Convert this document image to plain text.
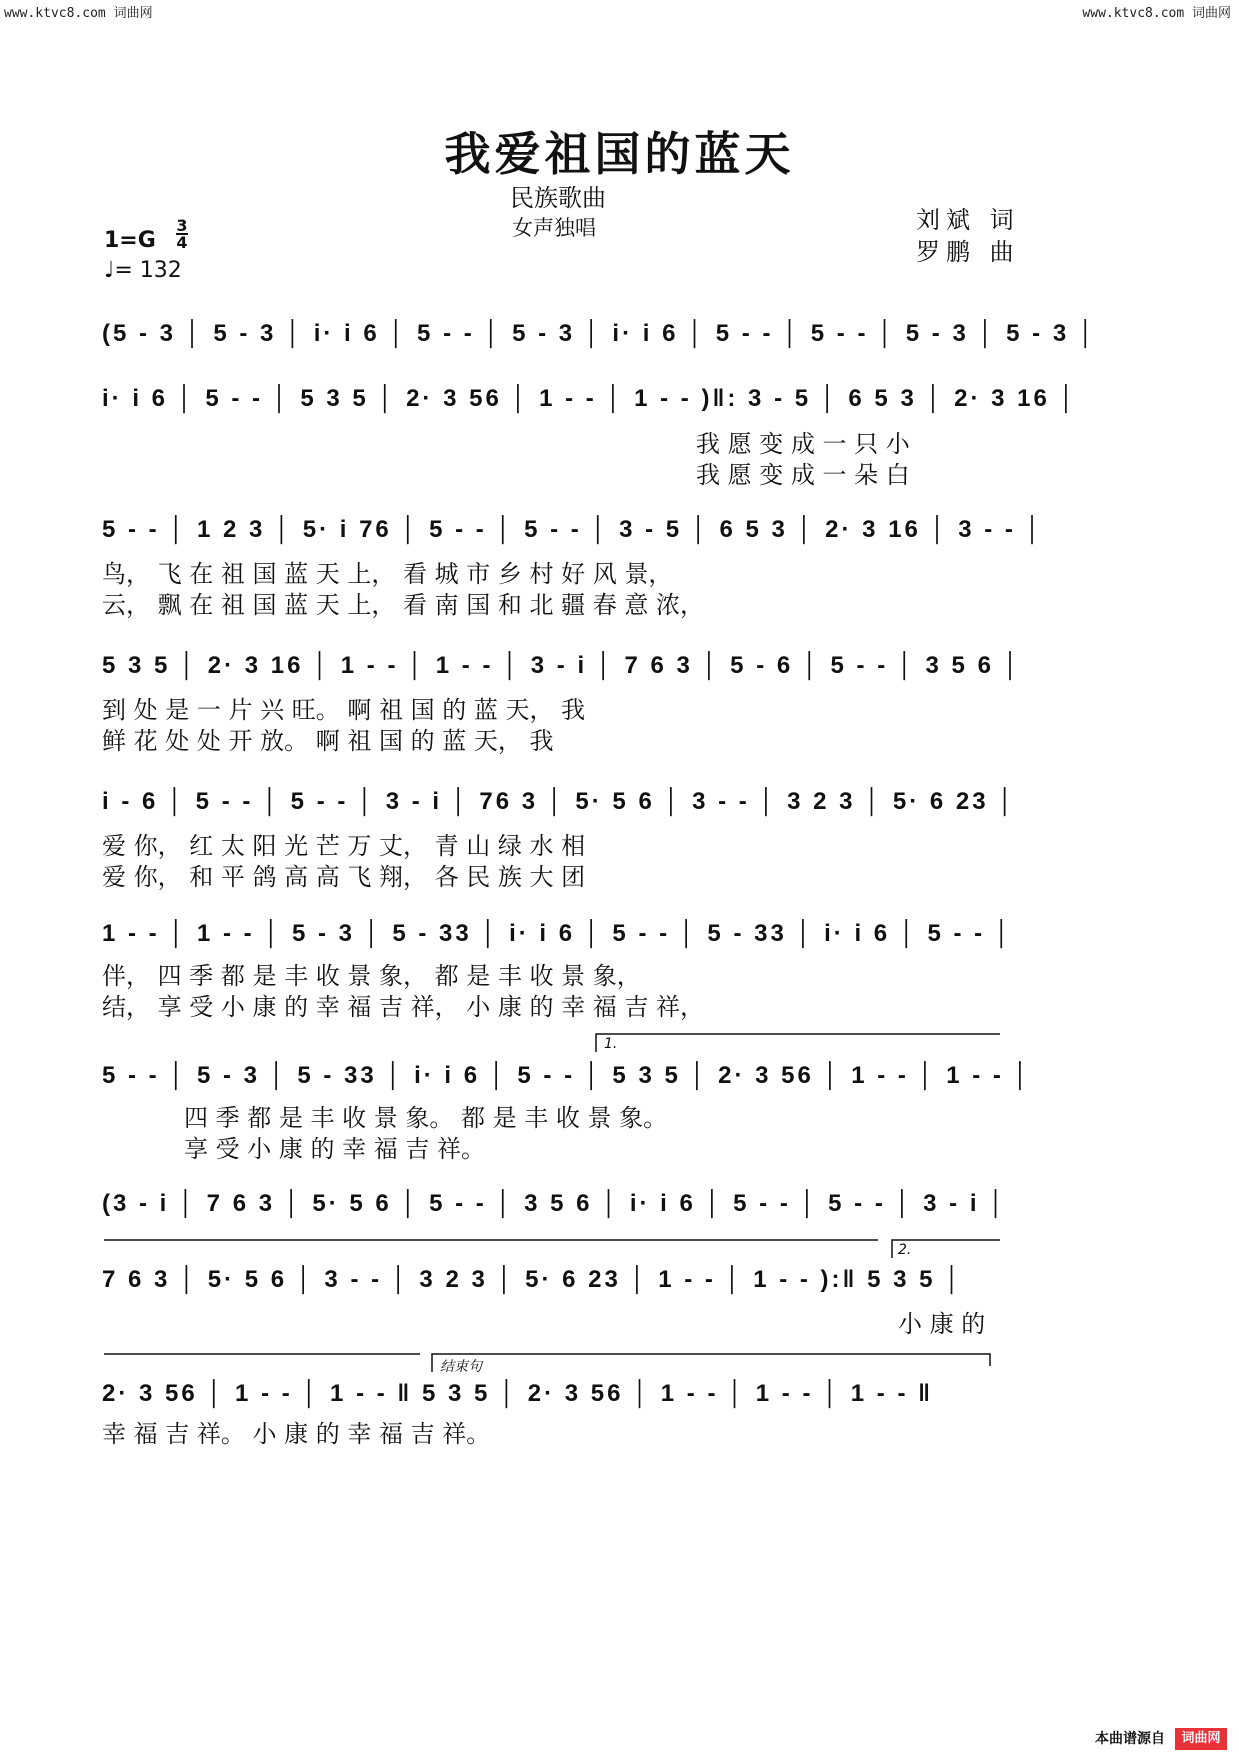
www.ktvc8.com 词曲网	www.ktvc8.com 词曲网
我爱祖国的蓝天
民族歌曲
女声独唱	刘斌 词
罗鹏 曲
1=G
3
4
♩= 132
(5 - 3 │ 5 - 3 │ i· i 6 │ 5 - - │ 5 - 3 │ i· i 6 │ 5 - - │ 5 - - │ 5 - 3 │ 5 - 3 │
i· i 6 │ 5 - - │ 5 3 5 │ 2· 3 56 │ 1 - - │ 1 - - )‖: 3 - 5 │ 6 5 3 │ 2· 3 16 │
我 愿 变 成 一 只 小
我 愿 变 成 一 朵 白
5 - - │ 1 2 3 │ 5· i 76 │ 5 - - │ 5 - - │ 3 - 5 │ 6 5 3 │ 2· 3 16 │ 3 - - │
鸟， 飞 在 祖 国 蓝 天 上， 看 城 市 乡 村 好 风 景，
云， 飘 在 祖 国 蓝 天 上， 看 南 国 和 北 疆 春 意 浓，
5 3 5 │ 2· 3 16 │ 1 - - │ 1 - - │ 3 - i │ 7 6 3 │ 5 - 6 │ 5 - - │ 3 5 6 │
到 处 是 一 片 兴 旺。 啊 祖 国 的 蓝 天， 我
鲜 花 处 处 开 放。 啊 祖 国 的 蓝 天， 我
i - 6 │ 5 - - │ 5 - - │ 3 - i │ 76 3 │ 5· 5 6 │ 3 - - │ 3 2 3 │ 5· 6 23 │
爱 你， 红 太 阳 光 芒 万 丈， 青 山 绿 水 相
爱 你， 和 平 鸽 高 高 飞 翔， 各 民 族 大 团
1 - - │ 1 - - │ 5 - 3 │ 5 - 33 │ i· i 6 │ 5 - - │ 5 - 33 │ i· i 6 │ 5 - - │
伴， 四 季 都 是 丰 收 景 象， 都 是 丰 收 景 象，
结， 享 受 小 康 的 幸 福 吉 祥， 小 康 的 幸 福 吉 祥，
1.
5 - - │ 5 - 3 │ 5 - 33 │ i· i 6 │ 5 - - │ 5 3 5 │ 2· 3 56 │ 1 - - │ 1 - - │
四 季 都 是 丰 收 景 象。 都 是 丰 收 景 象。
享 受 小 康 的 幸 福 吉 祥。
(3 - i │ 7 6 3 │ 5· 5 6 │ 5 - - │ 3 5 6 │ i· i 6 │ 5 - - │ 5 - - │ 3 - i │
2.
7 6 3 │ 5· 5 6 │ 3 - - │ 3 2 3 │ 5· 6 23 │ 1 - - │ 1 - - ):‖ 5 3 5 │
小 康 的
结束句
2· 3 56 │ 1 - - │ 1 - - ‖ 5 3 5 │ 2· 3 56 │ 1 - - │ 1 - - │ 1 - - ‖
幸 福 吉 祥。 小 康 的 幸 福 吉 祥。
本曲谱源自	词曲网
